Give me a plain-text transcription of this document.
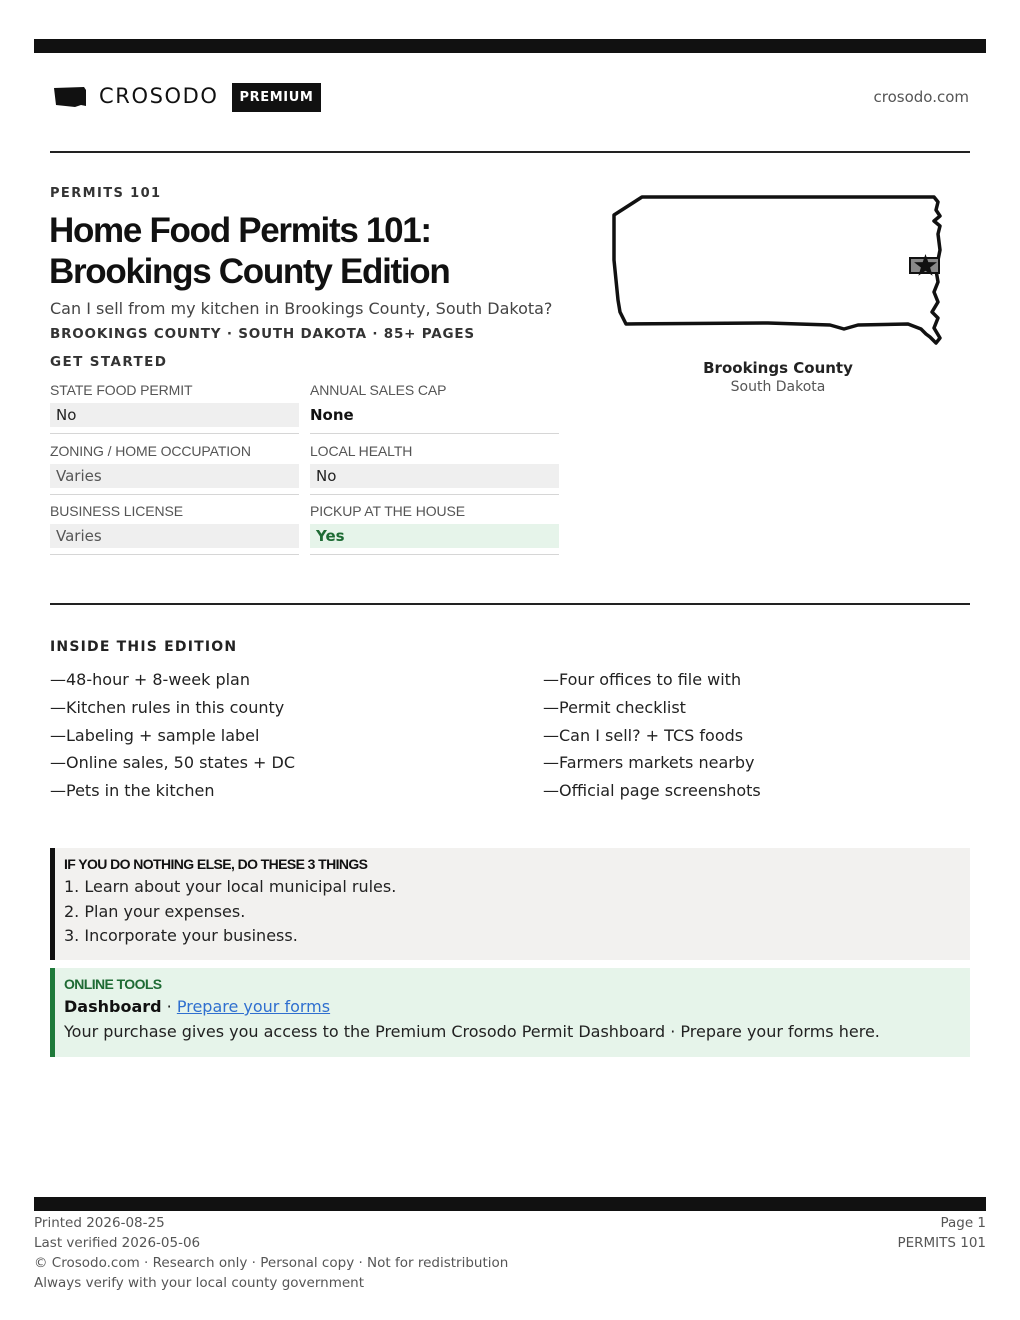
CROSODO	PREMIUM	crosodo.com
PERMITS 101
Home Food Permits 101:
Brookings County Edition

Can I sell from my kitchen in Brookings County, South Dakota?

BROOKINGS COUNTY · SOUTH DAKOTA · 85+ PAGES

GET STARTED
STATE FOOD PERMIT
No
ANNUAL SALES CAP
None
ZONING / HOME OCCUPATION
Varies
LOCAL HEALTH
No
BUSINESS LICENSE
Varies
PICKUP AT THE HOUSE
Yes
Brookings County
South Dakota
INSIDE THIS EDITION
—48-hour + 8-week plan
—Kitchen rules in this county
—Labeling + sample label
—Online sales, 50 states + DC
—Pets in the kitchen
—Four offices to file with
—Permit checklist
—Can I sell? + TCS foods
—Farmers markets nearby
—Official page screenshots
IF YOU DO NOTHING ELSE, DO THESE 3 THINGS
1. Learn about your local municipal rules.
2. Plan your expenses.
3. Incorporate your business.
ONLINE TOOLS
Dashboard · Prepare your forms
Your purchase gives you access to the Premium Crosodo Permit Dashboard · Prepare your forms here.
Printed 2026-08-25
Last verified 2026-05-06
© Crosodo.com · Research only · Personal copy · Not for redistribution
Always verify with your local county government
Page 1
PERMITS 101
